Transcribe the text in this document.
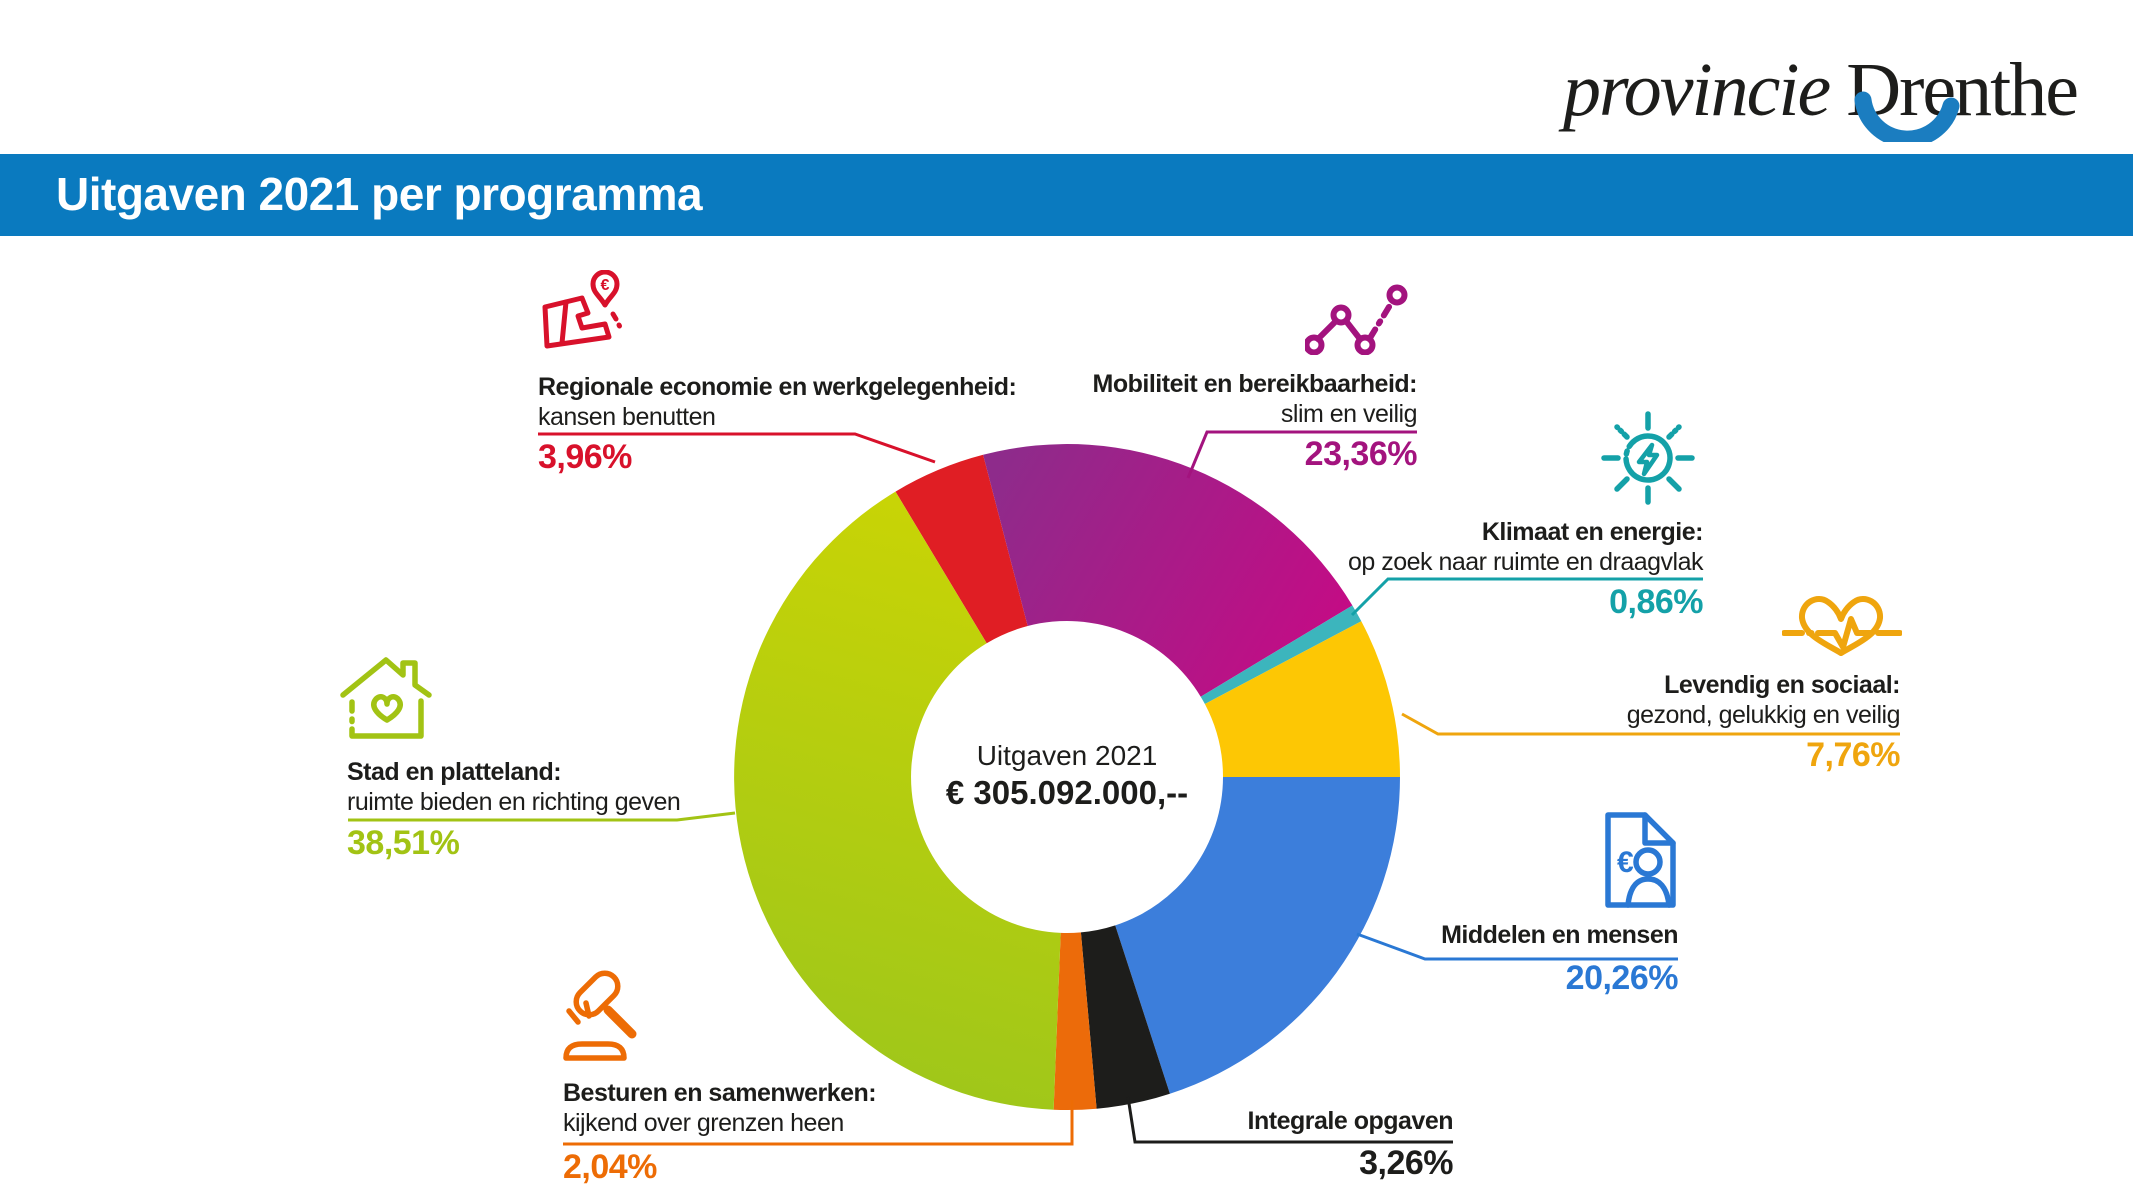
provincie Drenthe
Uitgaven 2021 per programma
Uitgaven 2021
€ 305.092.000,--
€
€
Regionale economie en werkgelegenheid:
kansen benutten
3,96%
Mobiliteit en bereikbaarheid:
slim en veilig
23,36%
Klimaat en energie:
op zoek naar ruimte en draagvlak
0,86%
Levendig en sociaal:
gezond, gelukkig en veilig
7,76%
Middelen en mensen
20,26%
Integrale opgaven
3,26%
Besturen en samenwerken:
kijkend over grenzen heen
2,04%
Stad en platteland:
ruimte bieden en richting geven
38,51%
